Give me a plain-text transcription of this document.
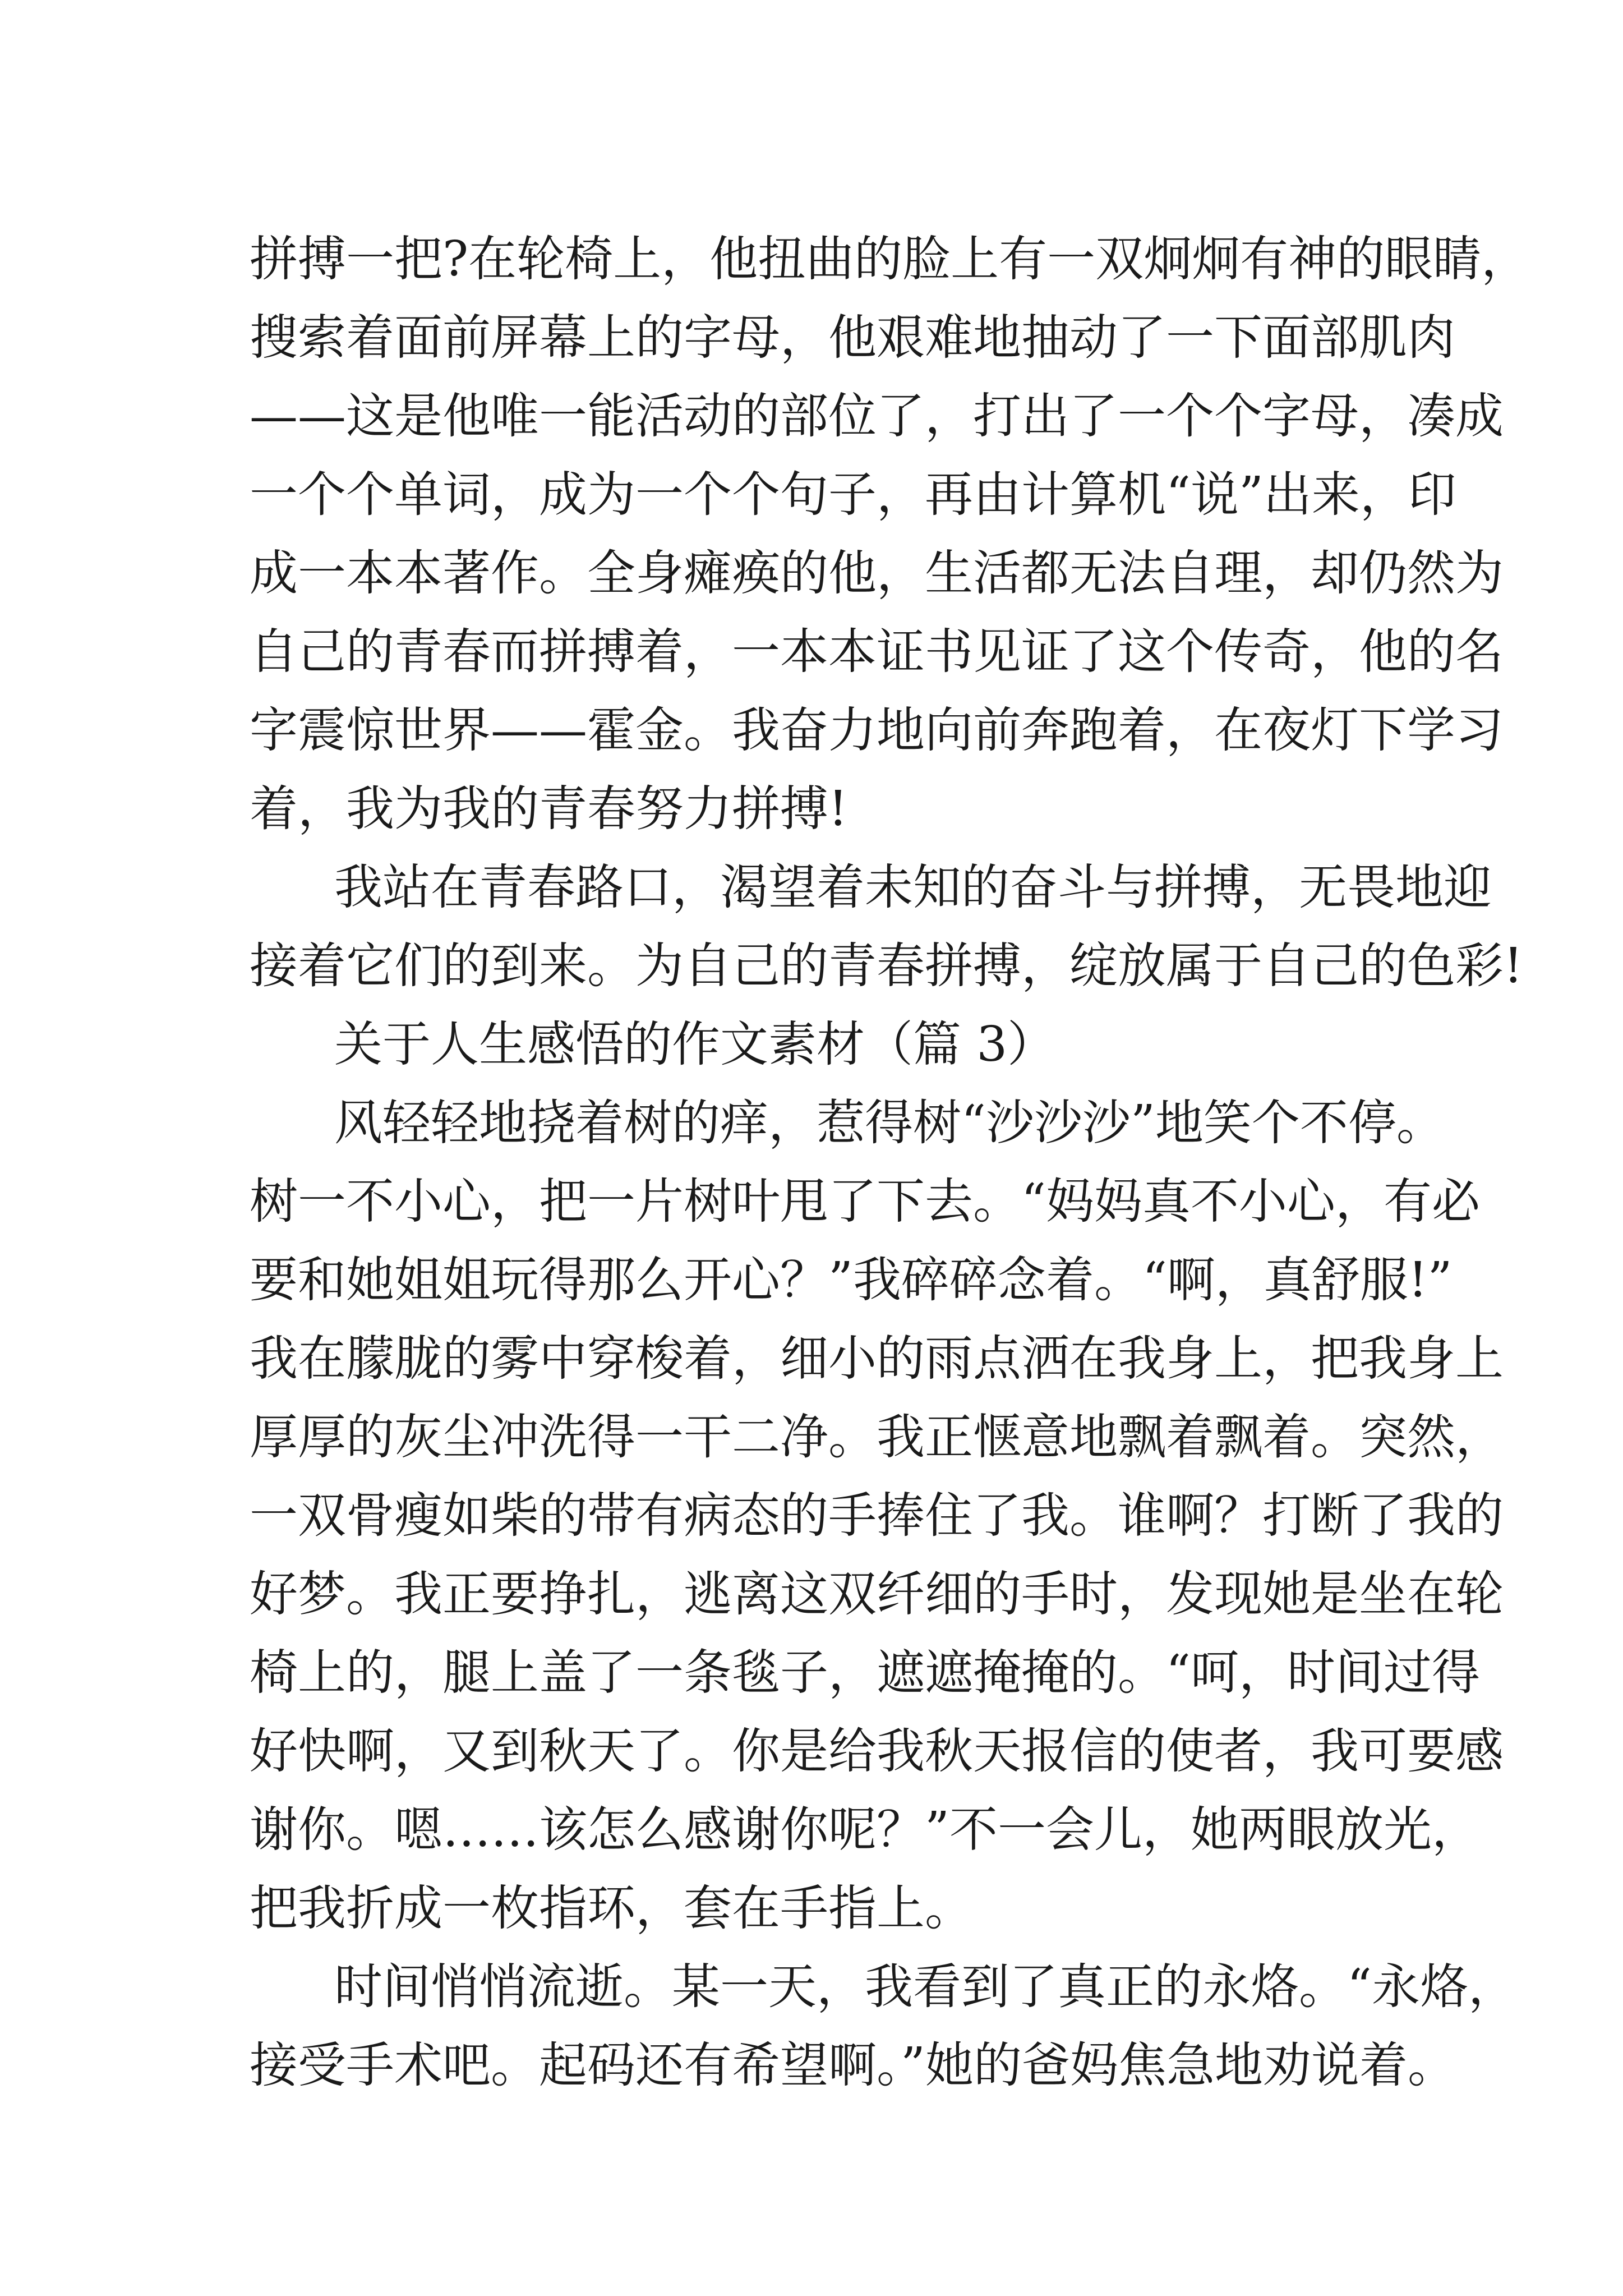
拼搏一把?在轮椅上，他扭曲的脸上有一双炯炯有神的眼睛，
搜索着面前屏幕上的字母，他艰难地抽动了一下面部肌肉
——这是他唯一能活动的部位了，打出了一个个字母，凑成
一个个单词，成为一个个句子，再由计算机“说”出来，印
成一本本著作。全身瘫痪的他，生活都无法自理，却仍然为
自己的青春而拼搏着，一本本证书见证了这个传奇，他的名
字震惊世界——霍金。我奋力地向前奔跑着，在夜灯下学习
着，我为我的青春努力拼搏!
我站在青春路口，渴望着未知的奋斗与拼搏，无畏地迎
接着它们的到来。为自己的青春拼搏，绽放属于自己的色彩!
关于人生感悟的作文素材（篇 3）
风轻轻地挠着树的痒，惹得树“沙沙沙”地笑个不停。
树一不小心，把一片树叶甩了下去。“妈妈真不小心，有必
要和她姐姐玩得那么开心？”我碎碎念着。“啊，真舒服!”
我在朦胧的雾中穿梭着，细小的雨点洒在我身上，把我身上
厚厚的灰尘冲洗得一干二净。我正惬意地飘着飘着。突然，
一双骨瘦如柴的带有病态的手捧住了我。谁啊？打断了我的
好梦。我正要挣扎，逃离这双纤细的手时，发现她是坐在轮
椅上的，腿上盖了一条毯子，遮遮掩掩的。“呵，时间过得
好快啊，又到秋天了。你是给我秋天报信的使者，我可要感
谢你。嗯……该怎么感谢你呢？”不一会儿，她两眼放光，
把我折成一枚指环，套在手指上。
时间悄悄流逝。某一天，我看到了真正的永烙。“永烙，
接受手术吧。起码还有希望啊。”她的爸妈焦急地劝说着。
